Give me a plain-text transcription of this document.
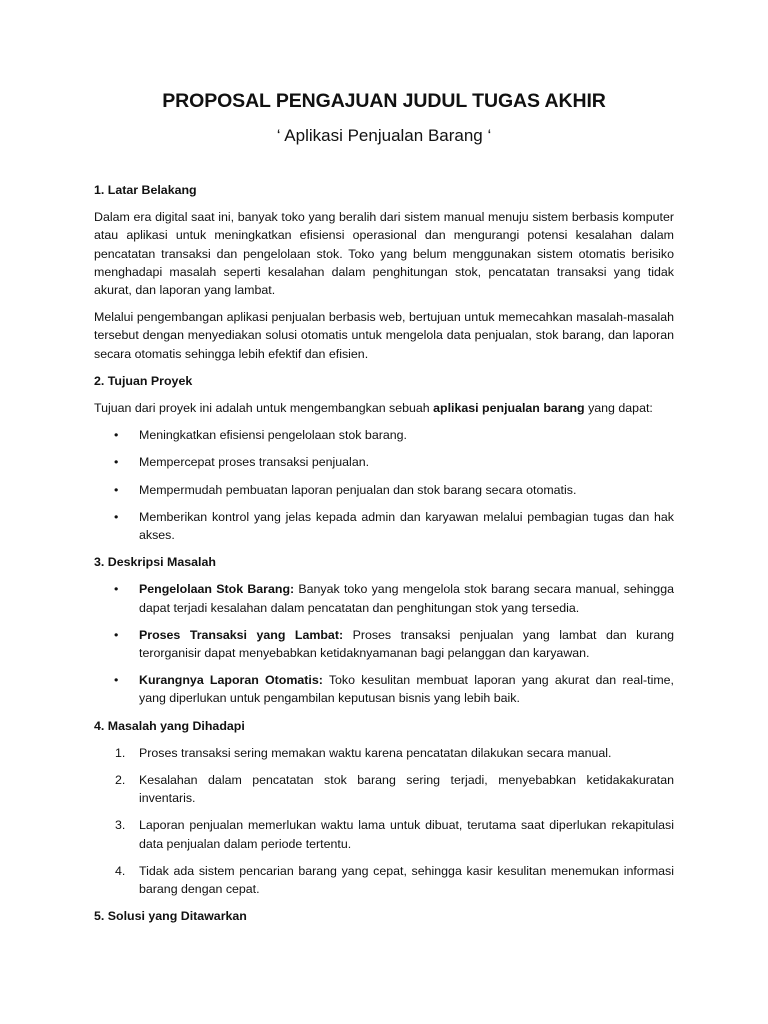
PROPOSAL PENGAJUAN JUDUL TUGAS AKHIR
‘ Aplikasi Penjualan Barang ‘
1. Latar Belakang

Dalam era digital saat ini, banyak toko yang beralih dari sistem manual menuju sistem berbasis komputer atau aplikasi untuk meningkatkan efisiensi operasional dan mengurangi potensi kesalahan dalam pencatatan transaksi dan pengelolaan stok. Toko yang belum menggunakan sistem otomatis berisiko menghadapi masalah seperti kesalahan dalam penghitungan stok, pencatatan transaksi yang tidak akurat, dan laporan yang lambat.

Melalui pengembangan aplikasi penjualan berbasis web, bertujuan untuk memecahkan masalah-masalah tersebut dengan menyediakan solusi otomatis untuk mengelola data penjualan, stok barang, dan laporan secara otomatis sehingga lebih efektif dan efisien.

2. Tujuan Proyek

Tujuan dari proyek ini adalah untuk mengembangkan sebuah aplikasi penjualan barang yang dapat:

• Meningkatkan efisiensi pengelolaan stok barang.
• Mempercepat proses transaksi penjualan.
• Mempermudah pembuatan laporan penjualan dan stok barang secara otomatis.
• Memberikan kontrol yang jelas kepada admin dan karyawan melalui pembagian tugas dan hak akses.
3. Deskripsi Masalah
• Pengelolaan Stok Barang: Banyak toko yang mengelola stok barang secara manual, sehingga dapat terjadi kesalahan dalam pencatatan dan penghitungan stok yang tersedia.
• Proses Transaksi yang Lambat: Proses transaksi penjualan yang lambat dan kurang terorganisir dapat menyebabkan ketidaknyamanan bagi pelanggan dan karyawan.
• Kurangnya Laporan Otomatis: Toko kesulitan membuat laporan yang akurat dan real-time, yang diperlukan untuk pengambilan keputusan bisnis yang lebih baik.
4. Masalah yang Dihadapi
1. Proses transaksi sering memakan waktu karena pencatatan dilakukan secara manual.
2. Kesalahan dalam pencatatan stok barang sering terjadi, menyebabkan ketidakakuratan inventaris.
3. Laporan penjualan memerlukan waktu lama untuk dibuat, terutama saat diperlukan rekapitulasi data penjualan dalam periode tertentu.
4. Tidak ada sistem pencarian barang yang cepat, sehingga kasir kesulitan menemukan informasi barang dengan cepat.
5. Solusi yang Ditawarkan
